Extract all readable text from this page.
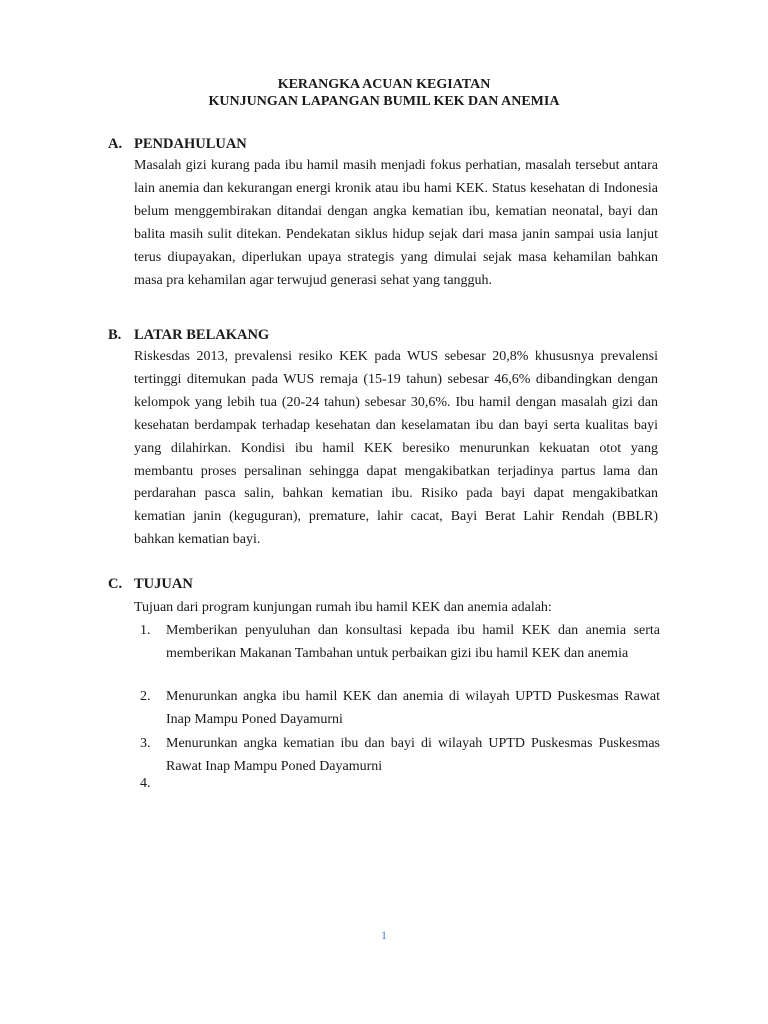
KERANGKA ACUAN KEGIATAN
KUNJUNGAN LAPANGAN BUMIL KEK DAN ANEMIA
A. PENDAHULUAN
Masalah gizi kurang pada ibu hamil masih menjadi fokus perhatian, masalah tersebut antara lain anemia dan kekurangan energi kronik atau ibu hami KEK. Status kesehatan di Indonesia belum menggembirakan ditandai dengan angka kematian ibu, kematian neonatal, bayi dan balita masih sulit ditekan. Pendekatan siklus hidup sejak dari masa janin sampai usia lanjut terus diupayakan, diperlukan upaya strategis yang dimulai sejak masa kehamilan bahkan masa pra kehamilan agar terwujud generasi sehat yang tangguh.
B. LATAR BELAKANG
Riskesdas 2013, prevalensi resiko KEK pada WUS sebesar 20,8% khususnya prevalensi tertinggi ditemukan pada WUS remaja (15-19 tahun) sebesar 46,6% dibandingkan dengan kelompok yang lebih tua (20-24 tahun) sebesar 30,6%. Ibu hamil dengan masalah gizi dan kesehatan berdampak terhadap kesehatan dan keselamatan ibu dan bayi serta kualitas bayi yang dilahirkan. Kondisi ibu hamil KEK beresiko menurunkan kekuatan otot yang membantu proses persalinan sehingga dapat mengakibatkan terjadinya partus lama dan perdarahan pasca salin, bahkan kematian ibu. Risiko pada bayi dapat mengakibatkan kematian janin (keguguran), premature, lahir cacat, Bayi Berat Lahir Rendah (BBLR) bahkan kematian bayi.
C. TUJUAN
Tujuan dari program kunjungan rumah ibu hamil KEK dan anemia adalah:
1. Memberikan penyuluhan dan konsultasi kepada ibu hamil KEK dan anemia serta memberikan Makanan Tambahan untuk perbaikan gizi ibu hamil KEK dan anemia
2. Menurunkan angka ibu hamil KEK dan anemia di wilayah UPTD Puskesmas Rawat Inap Mampu Poned Dayamurni
3. Menurunkan angka kematian ibu dan bayi di wilayah UPTD Puskesmas Puskesmas Rawat Inap Mampu Poned Dayamurni
4.
1
